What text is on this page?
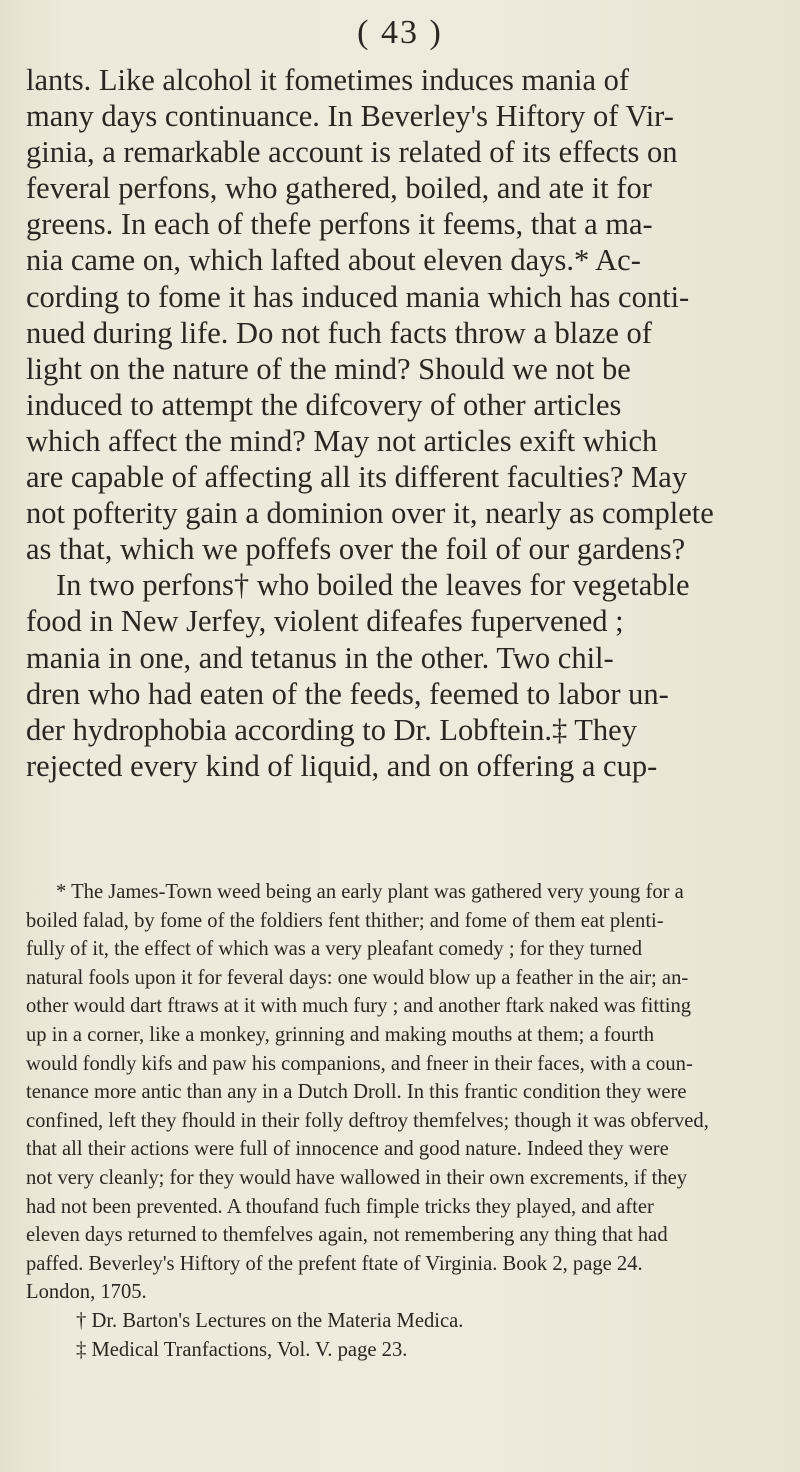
( 43 )
lants. Like alcohol it fometimes induces mania of
many days continuance. In Beverley's Hiftory of Vir-
ginia, a remarkable account is related of its effects on
feveral perfons, who gathered, boiled, and ate it for
greens. In each of thefe perfons it feems, that a ma-
nia came on, which lafted about eleven days.* Ac-
cording to fome it has induced mania which has conti-
nued during life. Do not fuch facts throw a blaze of
light on the nature of the mind? Should we not be
induced to attempt the difcovery of other articles
which affect the mind? May not articles exift which
are capable of affecting all its different faculties? May
not pofterity gain a dominion over it, nearly as complete
as that, which we poffefs over the foil of our gardens?
In two perfons† who boiled the leaves for vegetable
food in New Jerfey, violent difeafes fupervened ;
mania in one, and tetanus in the other. Two chil-
dren who had eaten of the feeds, feemed to labor un-
der hydrophobia according to Dr. Lobftein.‡ They
rejected every kind of liquid, and on offering a cup-
* The James-Town weed being an early plant was gathered very young for a
boiled falad, by fome of the foldiers fent thither; and fome of them eat plenti-
fully of it, the effect of which was a very pleafant comedy ; for they turned
natural fools upon it for feveral days: one would blow up a feather in the air; an-
other would dart ftraws at it with much fury ; and another ftark naked was fitting
up in a corner, like a monkey, grinning and making mouths at them; a fourth
would fondly kifs and paw his companions, and fneer in their faces, with a coun-
tenance more antic than any in a Dutch Droll. In this frantic condition they were
confined, left they fhould in their folly deftroy themfelves; though it was obferved,
that all their actions were full of innocence and good nature. Indeed they were
not very cleanly; for they would have wallowed in their own excrements, if they
had not been prevented. A thoufand fuch fimple tricks they played, and after
eleven days returned to themfelves again, not remembering any thing that had
paffed. Beverley's Hiftory of the prefent ftate of Virginia. Book 2, page 24.
London, 1705.
† Dr. Barton's Lectures on the Materia Medica.
‡ Medical Tranfactions, Vol. V. page 23.
